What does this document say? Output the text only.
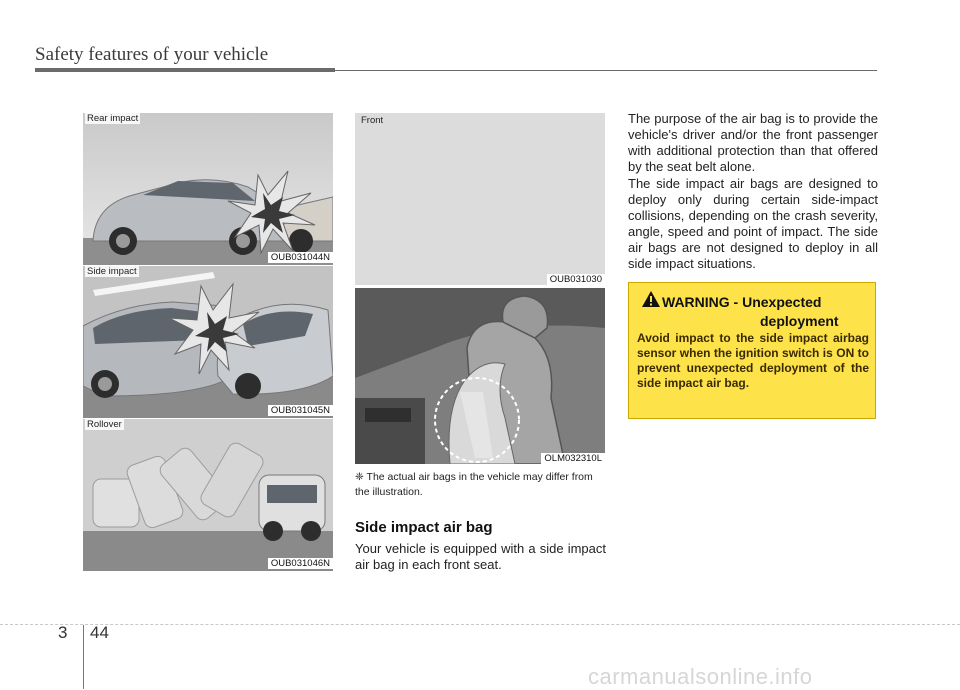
Safety features of your vehicle
Rear impact
OUB031044N
Side impact
OUB031045N
Rollover
OUB031046N
Front
OUB031030
OLM032310L
❈ The actual air bags in the vehicle may differ from the illustration.
Side impact air bag
Your vehicle is equipped with a side impact air bag in each front seat.

The purpose of the air bag is to provide the vehicle's driver and/or the front passenger with additional protection than that offered by the seat belt alone.

The side impact air bags are designed to deploy only during certain side-impact collisions, depending on the crash severity, angle, speed and point of impact. The side air bags are not designed to deploy in all side impact situations.

WARNING - Unexpected
deployment
Avoid impact to the side impact airbag sensor when the ignition switch is ON to prevent unexpected deployment of the side impact air bag.
3 44
carmanualsonline.info
